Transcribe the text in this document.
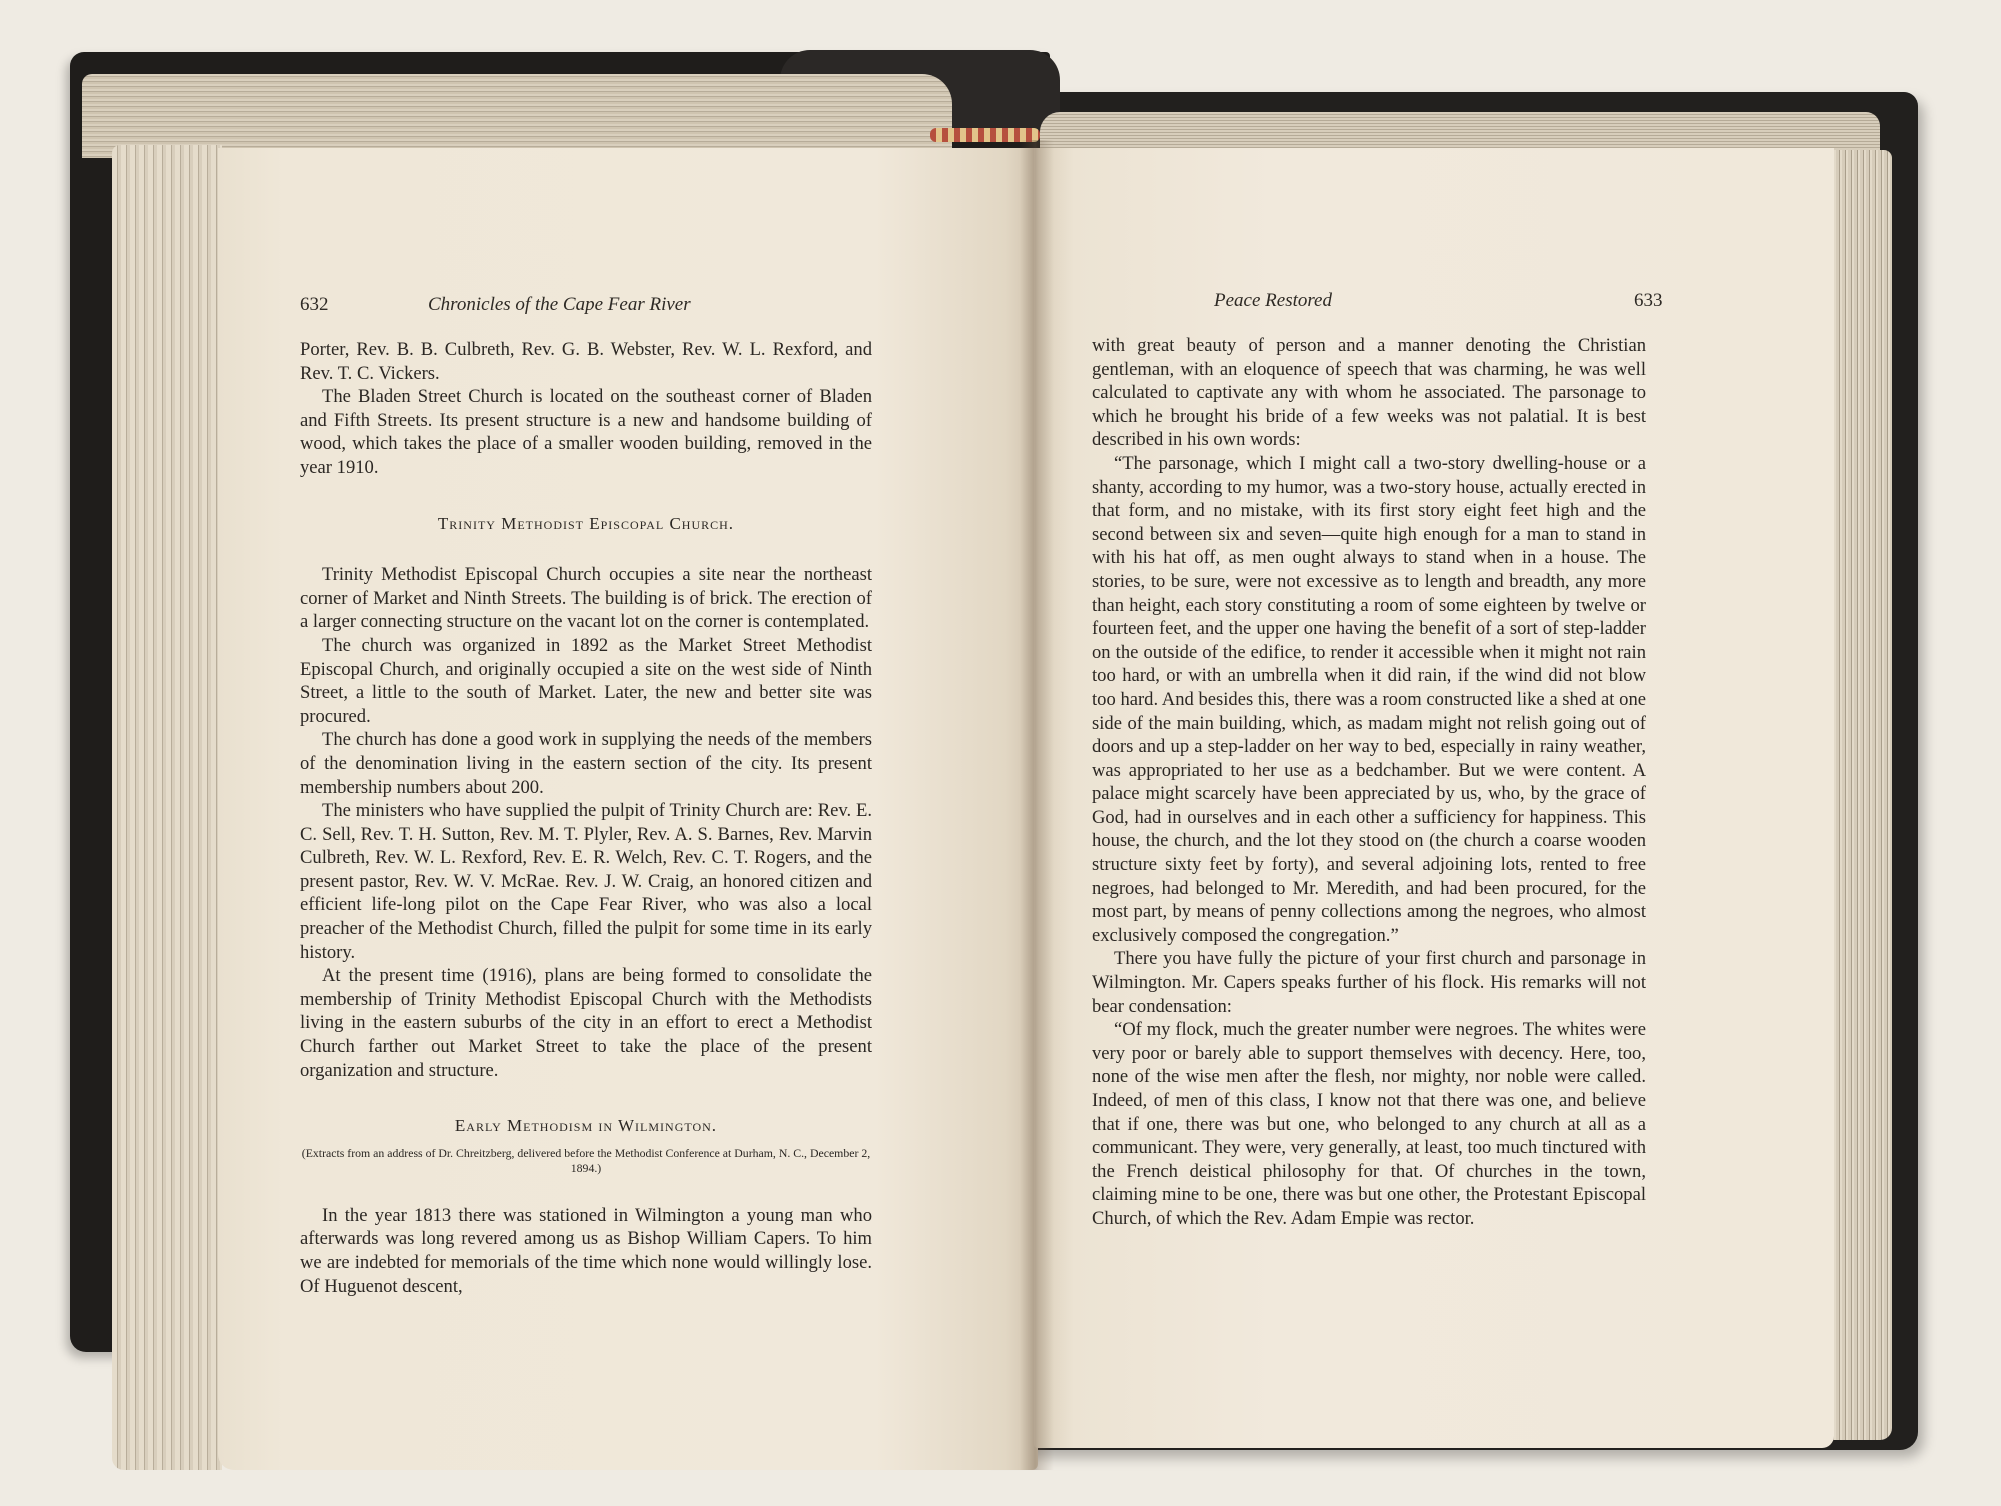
632	Chronicles of the Cape Fear River

Porter, Rev. B. B. Culbreth, Rev. G. B. Webster, Rev. W. L. Rexford, and Rev. T. C. Vickers.

The Bladen Street Church is located on the southeast corner of Bladen and Fifth Streets. Its present structure is a new and handsome building of wood, which takes the place of a smaller wooden building, removed in the year 1910.

Trinity Methodist Episcopal Church.

Trinity Methodist Episcopal Church occupies a site near the northeast corner of Market and Ninth Streets. The building is of brick. The erection of a larger connecting structure on the vacant lot on the corner is contemplated.

The church was organized in 1892 as the Market Street Methodist Episcopal Church, and originally occupied a site on the west side of Ninth Street, a little to the south of Market. Later, the new and better site was procured.

The church has done a good work in supplying the needs of the members of the denomination living in the eastern section of the city. Its present membership numbers about 200.

The ministers who have supplied the pulpit of Trinity Church are: Rev. E. C. Sell, Rev. T. H. Sutton, Rev. M. T. Plyler, Rev. A. S. Barnes, Rev. Marvin Culbreth, Rev. W. L. Rexford, Rev. E. R. Welch, Rev. C. T. Rogers, and the present pastor, Rev. W. V. McRae. Rev. J. W. Craig, an honored citizen and efficient life-long pilot on the Cape Fear River, who was also a local preacher of the Methodist Church, filled the pulpit for some time in its early history.

At the present time (1916), plans are being formed to consolidate the membership of Trinity Methodist Episcopal Church with the Methodists living in the eastern suburbs of the city in an effort to erect a Methodist Church farther out Market Street to take the place of the present organization and structure.

Early Methodism in Wilmington.

(Extracts from an address of Dr. Chreitzberg, delivered before the Methodist Conference at Durham, N. C., December 2, 1894.)

In the year 1813 there was stationed in Wilmington a young man who afterwards was long revered among us as Bishop William Capers. To him we are indebted for memorials of the time which none would willingly lose. Of Huguenot descent,

Peace Restored	633

with great beauty of person and a manner denoting the Christian gentleman, with an eloquence of speech that was charming, he was well calculated to captivate any with whom he associated. The parsonage to which he brought his bride of a few weeks was not palatial. It is best described in his own words:

“The parsonage, which I might call a two-story dwelling-house or a shanty, according to my humor, was a two-story house, actually erected in that form, and no mistake, with its first story eight feet high and the second between six and seven—quite high enough for a man to stand in with his hat off, as men ought always to stand when in a house. The stories, to be sure, were not excessive as to length and breadth, any more than height, each story constituting a room of some eighteen by twelve or fourteen feet, and the upper one having the benefit of a sort of step-ladder on the outside of the edifice, to render it accessible when it might not rain too hard, or with an umbrella when it did rain, if the wind did not blow too hard. And besides this, there was a room constructed like a shed at one side of the main building, which, as madam might not relish going out of doors and up a step-ladder on her way to bed, especially in rainy weather, was appropriated to her use as a bedchamber. But we were content. A palace might scarcely have been appreciated by us, who, by the grace of God, had in ourselves and in each other a sufficiency for happiness. This house, the church, and the lot they stood on (the church a coarse wooden structure sixty feet by forty), and several adjoining lots, rented to free negroes, had belonged to Mr. Meredith, and had been procured, for the most part, by means of penny collections among the negroes, who almost exclusively composed the congregation.”

There you have fully the picture of your first church and parsonage in Wilmington. Mr. Capers speaks further of his flock. His remarks will not bear condensation:

“Of my flock, much the greater number were negroes. The whites were very poor or barely able to support themselves with decency. Here, too, none of the wise men after the flesh, nor mighty, nor noble were called. Indeed, of men of this class, I know not that there was one, and believe that if one, there was but one, who belonged to any church at all as a communicant. They were, very generally, at least, too much tinctured with the French deistical philosophy for that. Of churches in the town, claiming mine to be one, there was but one other, the Protestant Episcopal Church, of which the Rev. Adam Empie was rector.
